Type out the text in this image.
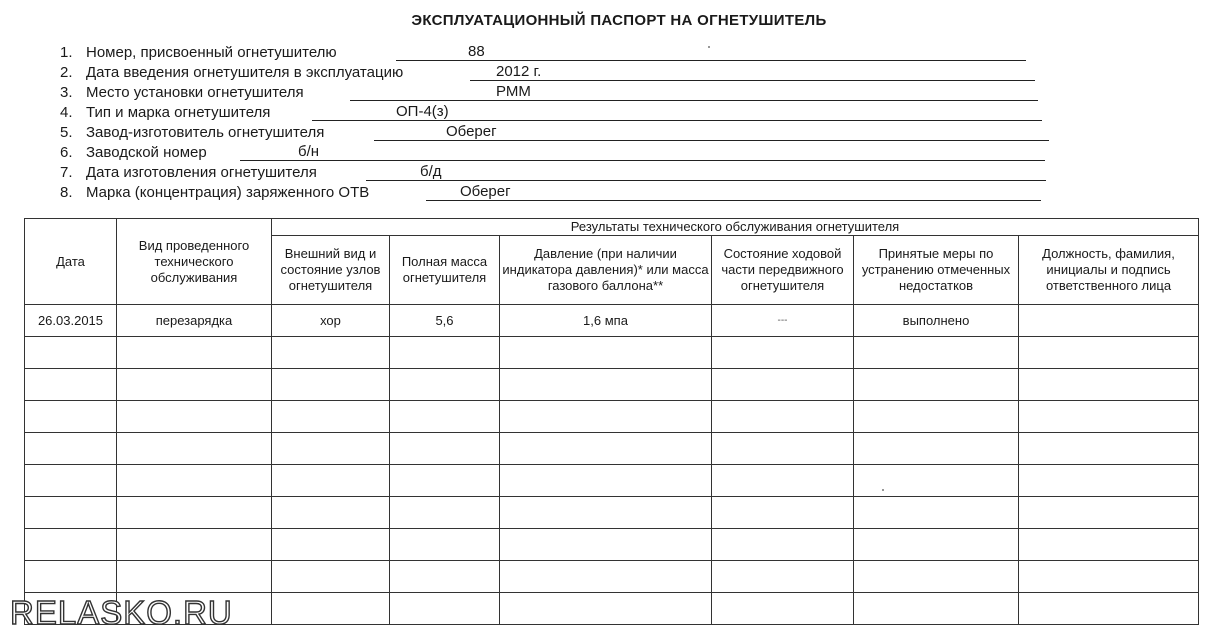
ЭКСПЛУАТАЦИОННЫЙ ПАСПОРТ НА ОГНЕТУШИТЕЛЬ
1. Номер, присвоенный огнетушителю	88
2. Дата введения огнетушителя в эксплуатацию	2012 г.
3. Место установки огнетушителя	РММ
4. Тип и марка огнетушителя	ОП-4(з)
5. Завод-изготовитель огнетушителя	Оберег
6. Заводской номер	б/н
7. Дата изготовления огнетушителя	б/д
8. Марка (концентрация) заряженного ОТВ	Оберег
Дата	Вид проведенного технического обслуживания	Результаты технического обслуживания огнетушителя					
		Внешний вид и состояние узлов огнетушителя	Полная масса огнетушителя	Давление (при наличии индикатора давления)* или масса газового баллона**	Состояние ходовой части передвижного огнетушителя	Принятые меры по устранению отмеченных недостатков	Должность, фамилия, инициалы и подпись ответственного лица
26.03.2015	перезарядка	хор	5,6	1,6 мпа	---	выполнено	

RELASKO.RU
